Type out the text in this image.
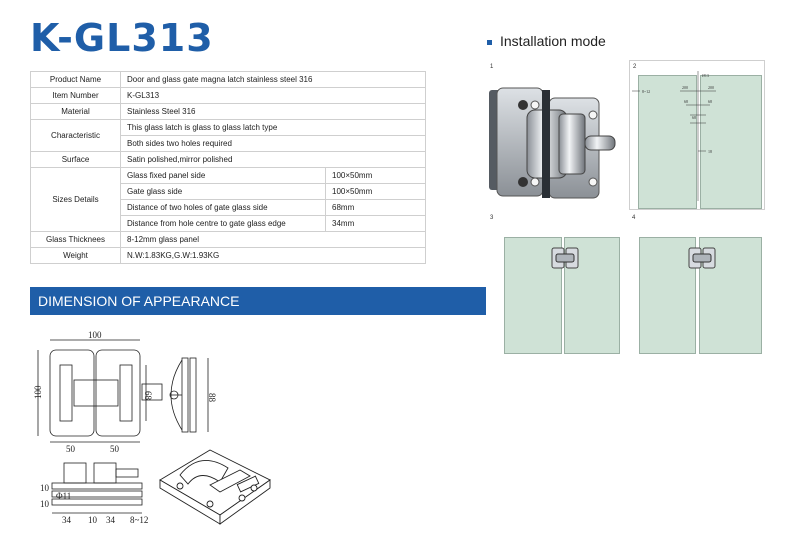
K-GL313
Product Name	Door and glass gate magna latch stainless steel 316	
Item Number	K-GL313	
Material	Stainless Steel 316	
Characteristic	This glass latch is glass to glass latch type	
	Both sides two holes required	
Surface	Satin polished,mirror polished	
Sizes Details	Glass fixed panel side	100×50mm
	Gate glass side	100×50mm
	Distance of two holes of gate glass side	68mm
	Distance from hole centre to gate glass edge	34mm
Glass Thicknees	8-12mm glass panel	
Weight	N.W:1.83KG,G.W:1.93KG	
Installation mode
1	2
8~12
Ø13
200	200
68	68
68
18
3	4
DIMENSION OF APPEARANCE
100
100
50	50
68	88
10
10
Φ11
34 10 34 8~12
